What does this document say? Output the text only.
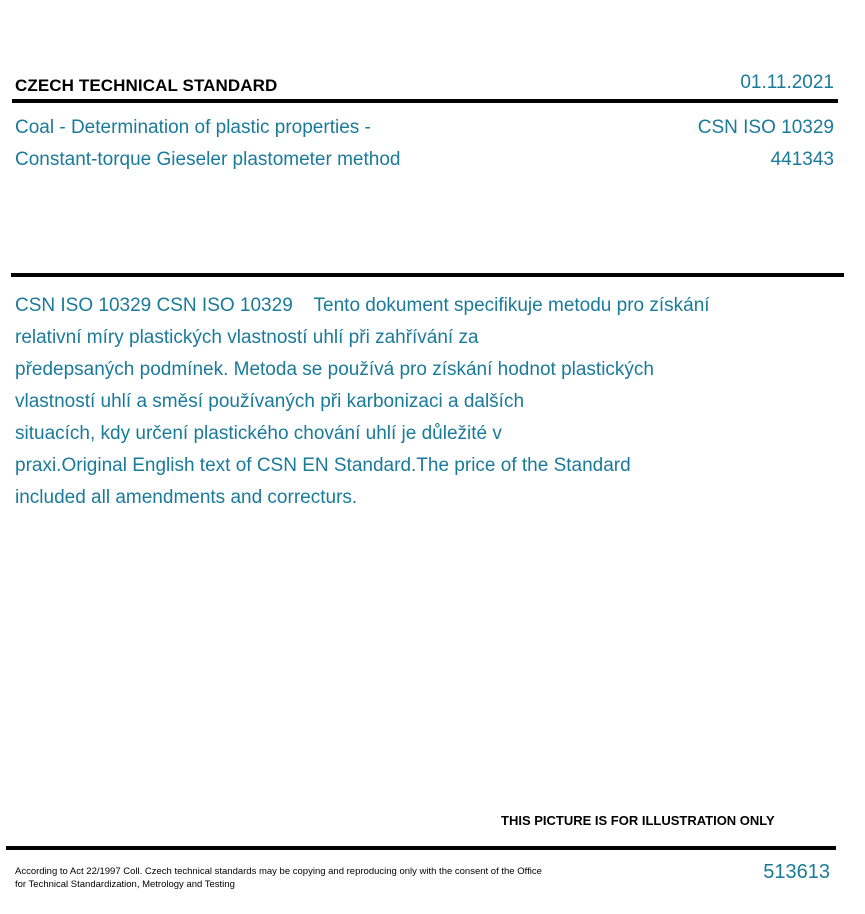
CZECH TECHNICAL STANDARD	01.11.2021
Coal - Determination of plastic properties -
Constant-torque Gieseler plastometer method
CSN ISO 10329
441343
CSN ISO 10329 CSN ISO 10329    Tento dokument specifikuje metodu pro získání
relativní míry plastických vlastností uhlí při zahřívání za
předepsaných podmínek. Metoda se používá pro získání hodnot plastických
vlastností uhlí a směsí používaných při karbonizaci a dalších
situacích, kdy určení plastického chování uhlí je důležité v
praxi.Original English text of CSN EN Standard.The price of the Standard
included all amendments and correcturs.
THIS PICTURE IS FOR ILLUSTRATION ONLY
According to Act 22/1997 Coll. Czech technical standards may be copying and reproducing only with the consent of the Office
for Technical Standardization, Metrology and Testing
513613
